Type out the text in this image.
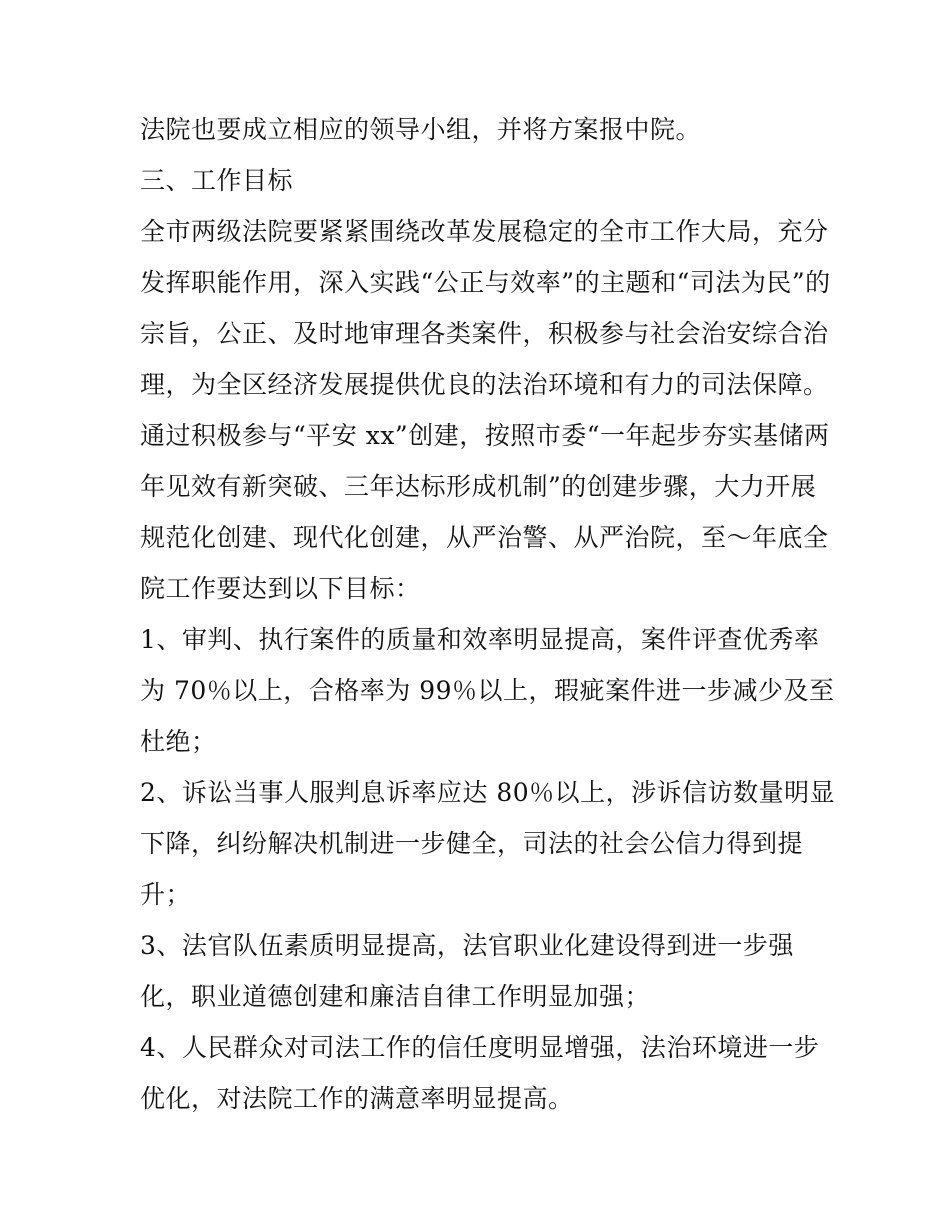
法院也要成立相应的领导小组，并将方案报中院。
三、工作目标
全市两级法院要紧紧围绕改革发展稳定的全市工作大局，充分
发挥职能作用，深入实践“公正与效率”的主题和“司法为民”的
宗旨，公正、及时地审理各类案件，积极参与社会治安综合治
理，为全区经济发展提供优良的法治环境和有力的司法保障。
通过积极参与“平安 xx”创建，按照市委“一年起步夯实基储两
年见效有新突破、三年达标形成机制”的创建步骤，大力开展
规范化创建、现代化创建，从严治警、从严治院，至～年底全
院工作要达到以下目标：
1、审判、执行案件的质量和效率明显提高，案件评查优秀率
为 70％以上，合格率为 99％以上，瑕疵案件进一步减少及至
杜绝；
2、诉讼当事人服判息诉率应达 80％以上，涉诉信访数量明显
下降，纠纷解决机制进一步健全，司法的社会公信力得到提
升；
3、法官队伍素质明显提高，法官职业化建设得到进一步强
化，职业道德创建和廉洁自律工作明显加强；
4、人民群众对司法工作的信任度明显增强，法治环境进一步
优化，对法院工作的满意率明显提高。
